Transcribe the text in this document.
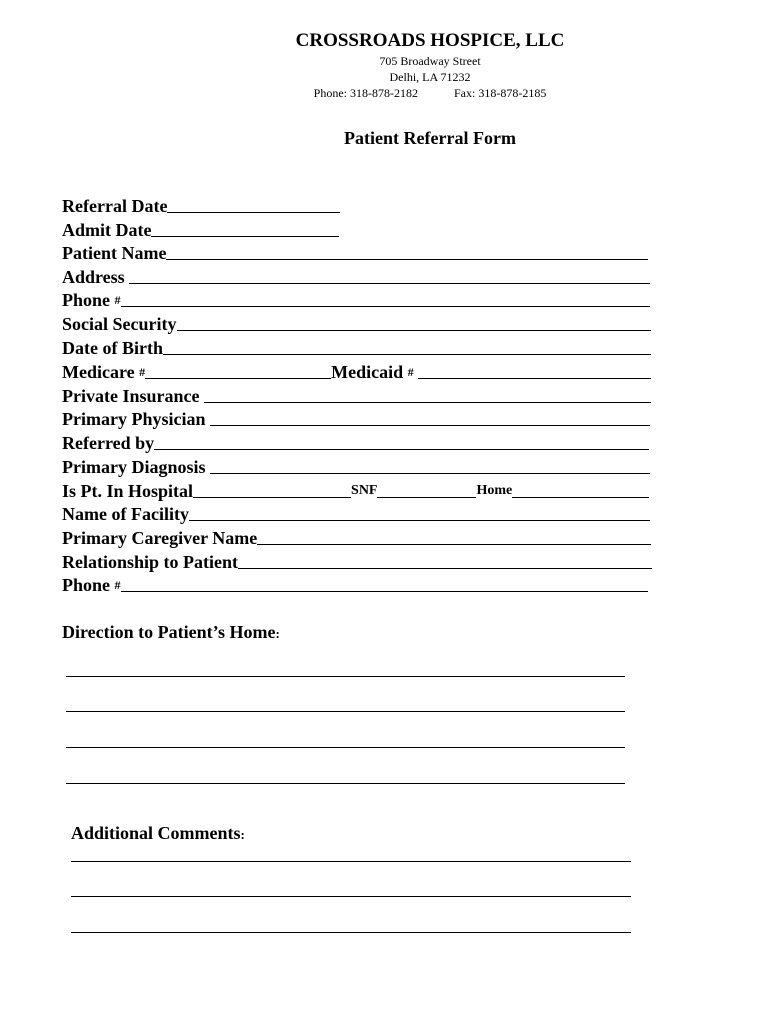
CROSSROADS HOSPICE, LLC
705 Broadway Street
Delhi, LA 71232
Phone: 318-878-2182	Fax: 318-878-2185
Patient Referral Form
Referral Date
Admit Date
Patient Name
Address

Phone
#
Social Security
Date of Birth
Medicare
#	Medicaid
#

Private Insurance

Primary Physician

Referred by
Primary Diagnosis

Is Pt. In Hospital	SNF	Home
Name of Facility
Primary Caregiver Name
Relationship to Patient
Phone
#
Direction to Patient’s Home:
Additional Comments:
